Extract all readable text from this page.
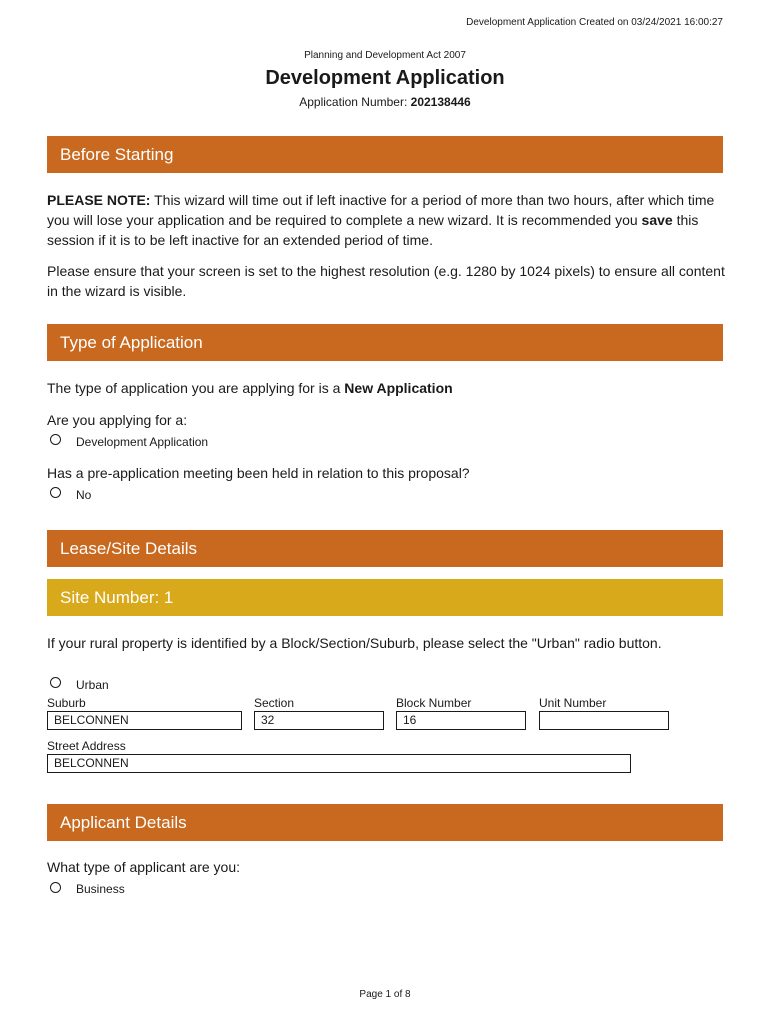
Development Application Created on 03/24/2021 16:00:27
Planning and Development Act 2007
Development Application
Application Number: 202138446
Before Starting
PLEASE NOTE: This wizard will time out if left inactive for a period of more than two hours, after which time you will lose your application and be required to complete a new wizard. It is recommended you save this session if it is to be left inactive for an extended period of time.
Please ensure that your screen is set to the highest resolution (e.g. 1280 by 1024 pixels) to ensure all content in the wizard is visible.
Type of Application
The type of application you are applying for is a New Application
Are you applying for a:
Development Application
Has a pre-application meeting been held in relation to this proposal?
No
Lease/Site Details
Site Number: 1
If your rural property is identified by a Block/Section/Suburb, please select the "Urban" radio button.
Urban
Suburb	Section	Block Number	Unit Number
BELCONNEN	32	16
Street Address
BELCONNEN
Applicant Details
What type of applicant are you:
Business
Page 1 of 8
